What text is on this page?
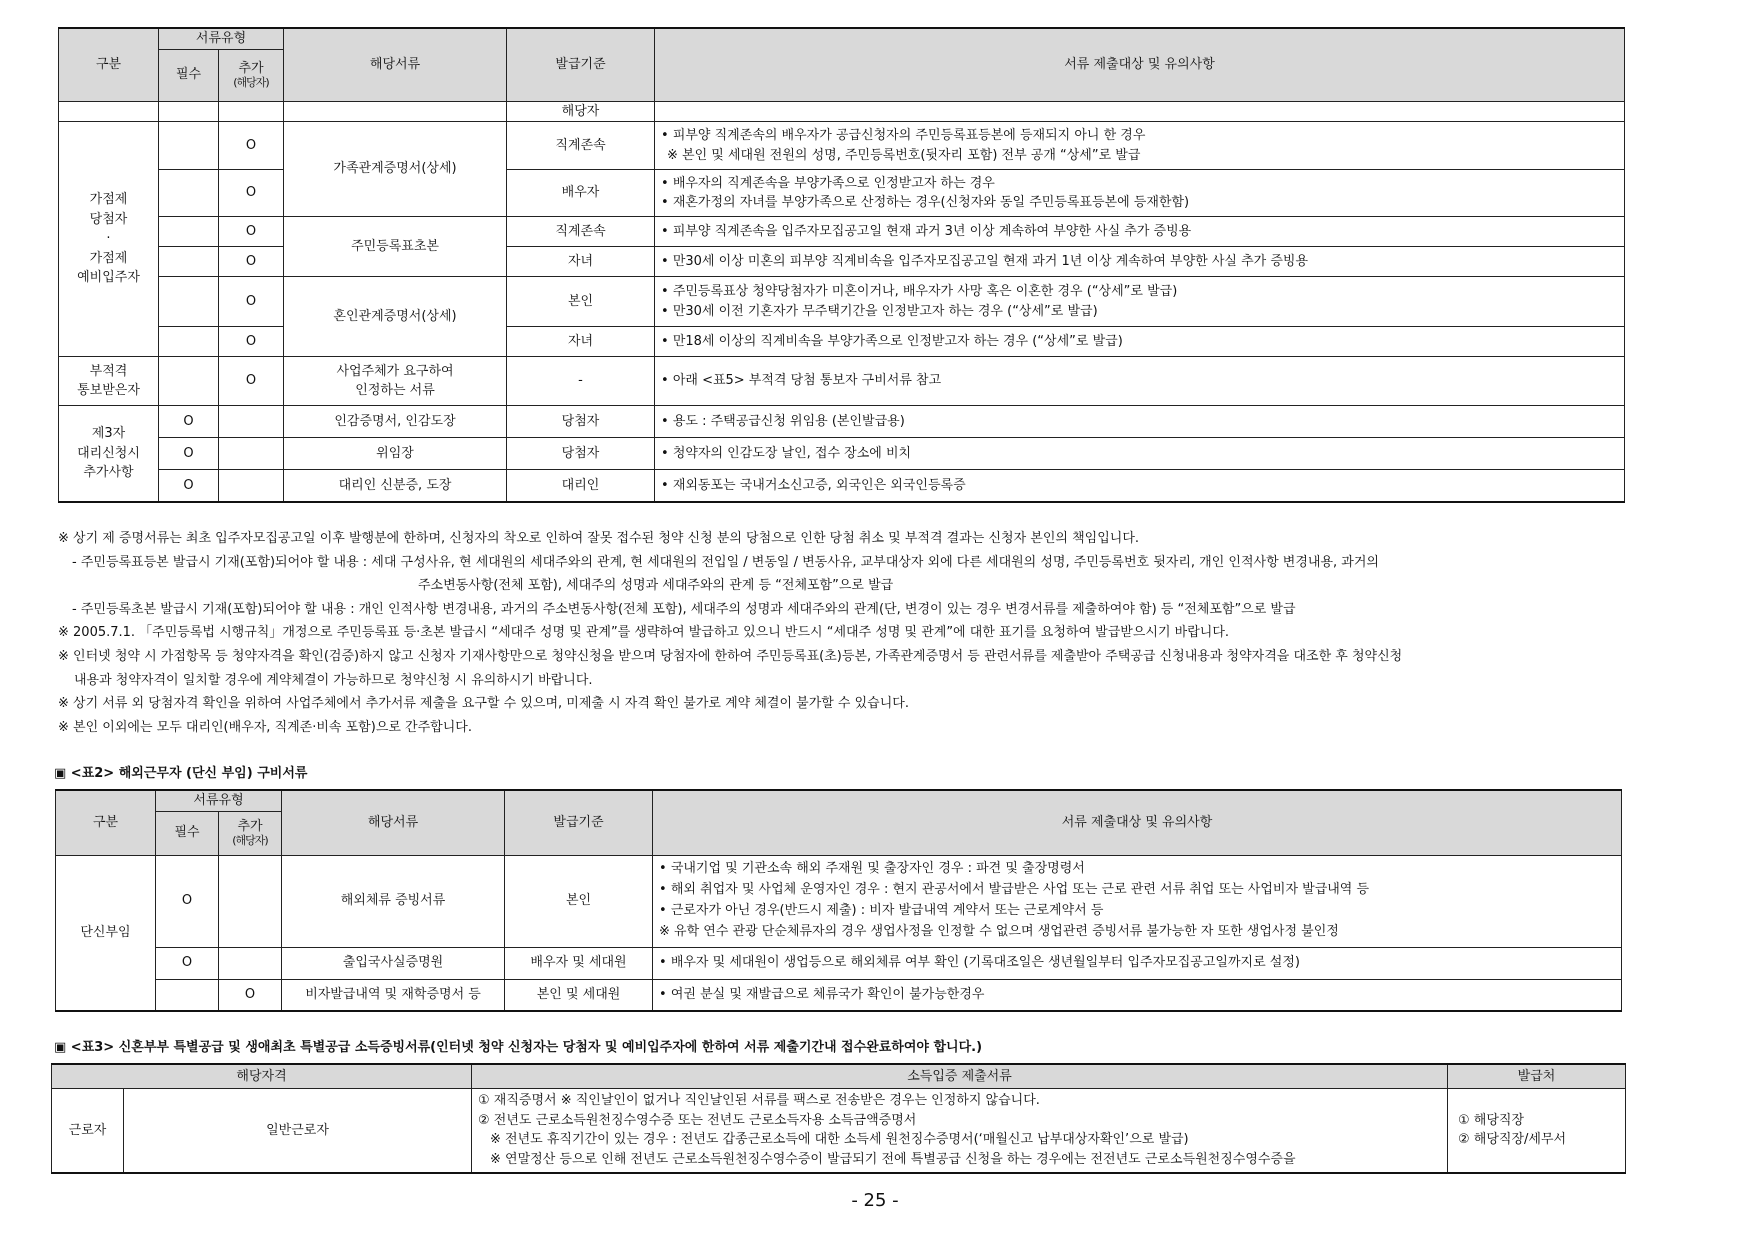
구분	서류유형		해당서류	발급기준	서류 제출대상 및 유의사항
	필수	추가
(해당자)			

				해당자	

가점제
당첨자
·
가점제
예비입주자		O	가족관계증명서(상세)	직계존속	• 피부양 직계존속의 배우자가 공급신청자의 주민등록표등본에 등재되지 아니 한 경우
※ 본인 및 세대원 전원의 성명, 주민등록번호(뒷자리 포함) 전부 공개 “상세”로 발급

		O		배우자	• 배우자의 직계존속을 부양가족으로 인정받고자 하는 경우
• 재혼가정의 자녀를 부양가족으로 산정하는 경우(신청자와 동일 주민등록표등본에 등재한함)

		O	주민등록표초본	직계존속	• 피부양 직계존속을 입주자모집공고일 현재 과거 3년 이상 계속하여 부양한 사실 추가 증빙용
		O		자녀	• 만30세 이상 미혼의 피부양 직계비속을 입주자모집공고일 현재 과거 1년 이상 계속하여 부양한 사실 추가 증빙용
		O	혼인관계증명서(상세)	본인	• 주민등록표상 청약당첨자가 미혼이거나, 배우자가 사망 혹은 이혼한 경우 (“상세”로 발급)
• 만30세 이전 기혼자가 무주택기간을 인정받고자 하는 경우 (“상세”로 발급)

		O		자녀	• 만18세 이상의 직계비속을 부양가족으로 인정받고자 하는 경우 (“상세”로 발급)

부적격
통보받은자		O	사업주체가 요구하여
인정하는 서류	-	• 아래 <표5> 부적격 당첨 통보자 구비서류 참고

제3자
대리신청시
추가사항	O		인감증명서, 인감도장	당첨자	• 용도 : 주택공급신청 위임용 (본인발급용)
	O		위임장	당첨자	• 청약자의 인감도장 날인, 접수 장소에 비치
	O		대리인 신분증, 도장	대리인	• 재외동포는 국내거소신고증, 외국인은 외국인등록증
※ 상기 제 증명서류는 최초 입주자모집공고일 이후 발행분에 한하며, 신청자의 착오로 인하여 잘못 접수된 청약 신청 분의 당첨으로 인한 당첨 취소 및 부적격 결과는 신청자 본인의 책임입니다.
- 주민등록표등본 발급시 기재(포함)되어야 할 내용 : 세대 구성사유, 현 세대원의 세대주와의 관계, 현 세대원의 전입일 / 변동일 / 변동사유, 교부대상자 외에 다른 세대원의 성명, 주민등록번호 뒷자리, 개인 인적사항 변경내용, 과거의
주소변동사항(전체 포함), 세대주의 성명과 세대주와의 관계 등 “전체포함”으로 발급
- 주민등록초본 발급시 기재(포함)되어야 할 내용 : 개인 인적사항 변경내용, 과거의 주소변동사항(전체 포함), 세대주의 성명과 세대주와의 관계(단, 변경이 있는 경우 변경서류를 제출하여야 함) 등 “전체포함”으로 발급
※ 2005.7.1. 「주민등록법 시행규칙」개정으로 주민등록표 등·초본 발급시 “세대주 성명 및 관계”를 생략하여 발급하고 있으니 반드시 “세대주 성명 및 관계”에 대한 표기를 요청하여 발급받으시기 바랍니다.
※ 인터넷 청약 시 가점항목 등 청약자격을 확인(검증)하지 않고 신청자 기재사항만으로 청약신청을 받으며 당첨자에 한하여 주민등록표(초)등본, 가족관계증명서 등 관련서류를 제출받아 주택공급 신청내용과 청약자격을 대조한 후 청약신청
내용과 청약자격이 일치할 경우에 계약체결이 가능하므로 청약신청 시 유의하시기 바랍니다.
※ 상기 서류 외 당첨자격 확인을 위하여 사업주체에서 추가서류 제출을 요구할 수 있으며, 미제출 시 자격 확인 불가로 계약 체결이 불가할 수 있습니다.
※ 본인 이외에는 모두 대리인(배우자, 직계존·비속 포함)으로 간주합니다.
▣ <표2> 해외근무자 (단신 부임) 구비서류
구분	서류유형		해당서류	발급기준	서류 제출대상 및 유의사항
	필수	추가
(해당자)			

단신부임	O		해외체류 증빙서류	본인	• 국내기업 및 기관소속 해외 주재원 및 출장자인 경우 : 파견 및 출장명령서
• 해외 취업자 및 사업체 운영자인 경우 : 현지 관공서에서 발급받은 사업 또는 근로 관련 서류 취업 또는 사업비자 발급내역 등
• 근로자가 아닌 경우(반드시 제출) : 비자 발급내역 계약서 또는 근로계약서 등
※ 유학 연수 관광 단순체류자의 경우 생업사정을 인정할 수 없으며 생업관련 증빙서류 불가능한 자 또한 생업사정 불인정

	O		출입국사실증명원	배우자 및 세대원	• 배우자 및 세대원이 생업등으로 해외체류 여부 확인 (기록대조일은 생년월일부터 입주자모집공고일까지로 설정)
		O	비자발급내역 및 재학증명서 등	본인 및 세대원	• 여권 분실 및 재발급으로 체류국가 확인이 불가능한경우
▣ <표3> 신혼부부 특별공급 및 생애최초 특별공급 소득증빙서류(인터넷 청약 신청자는 당첨자 및 예비입주자에 한하여 서류 제출기간내 접수완료하여야 합니다.)
해당자격		소득입증 제출서류	발급처
근로자	일반근로자	① 재직증명서 ※ 직인날인이 없거나 직인날인된 서류를 팩스로 전송받은 경우는 인정하지 않습니다.
② 전년도 근로소득원천징수영수증 또는 전년도 근로소득자용 소득금액증명서
※ 전년도 휴직기간이 있는 경우 : 전년도 갑종근로소득에 대한 소득세 원천징수증명서(‘매월신고 납부대상자확인’으로 발급)
※ 연말정산 등으로 인해 전년도 근로소득원천징수영수증이 발급되기 전에 특별공급 신청을 하는 경우에는 전전년도 근로소득원천징수영수증을	① 해당직장
② 해당직장/세무서
- 25 -
